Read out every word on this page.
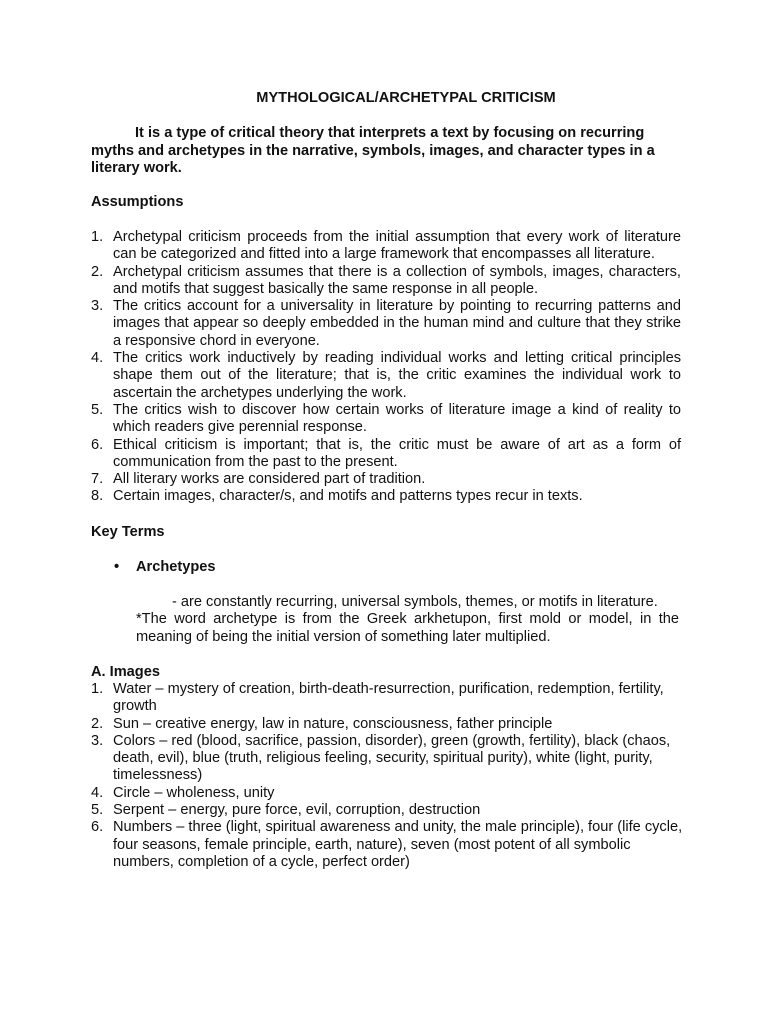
MYTHOLOGICAL/ARCHETYPAL CRITICISM
It is a type of critical theory that interprets a text by focusing on recurring myths and archetypes in the narrative, symbols, images, and character types in a literary work.
Assumptions
1. Archetypal criticism proceeds from the initial assumption that every work of literature can be categorized and fitted into a large framework that encompasses all literature.
2. Archetypal criticism assumes that there is a collection of symbols, images, characters, and motifs that suggest basically the same response in all people.
3. The critics account for a universality in literature by pointing to recurring patterns and images that appear so deeply embedded in the human mind and culture that they strike a responsive chord in everyone.
4. The critics work inductively by reading individual works and letting critical principles shape them out of the literature; that is, the critic examines the individual work to ascertain the archetypes underlying the work.
5. The critics wish to discover how certain works of literature image a kind of reality to which readers give perennial response.
6. Ethical criticism is important; that is, the critic must be aware of art as a form of communication from the past to the present.
7. All literary works are considered part of tradition.
8. Certain images, character/s, and motifs and patterns types recur in texts.
Key Terms
• Archetypes
- are constantly recurring, universal symbols, themes, or motifs in literature.
*The word archetype is from the Greek arkhetupon, first mold or model, in the meaning of being the initial version of something later multiplied.
A. Images
1. Water – mystery of creation, birth-death-resurrection, purification, redemption, fertility, growth
2. Sun – creative energy, law in nature, consciousness, father principle
3. Colors – red (blood, sacrifice, passion, disorder), green (growth, fertility), black (chaos, death, evil), blue (truth, religious feeling, security, spiritual purity), white (light, purity, timelessness)
4. Circle – wholeness, unity
5. Serpent – energy, pure force, evil, corruption, destruction
6. Numbers – three (light, spiritual awareness and unity, the male principle), four (life cycle, four seasons, female principle, earth, nature), seven (most potent of all symbolic numbers, completion of a cycle, perfect order)
